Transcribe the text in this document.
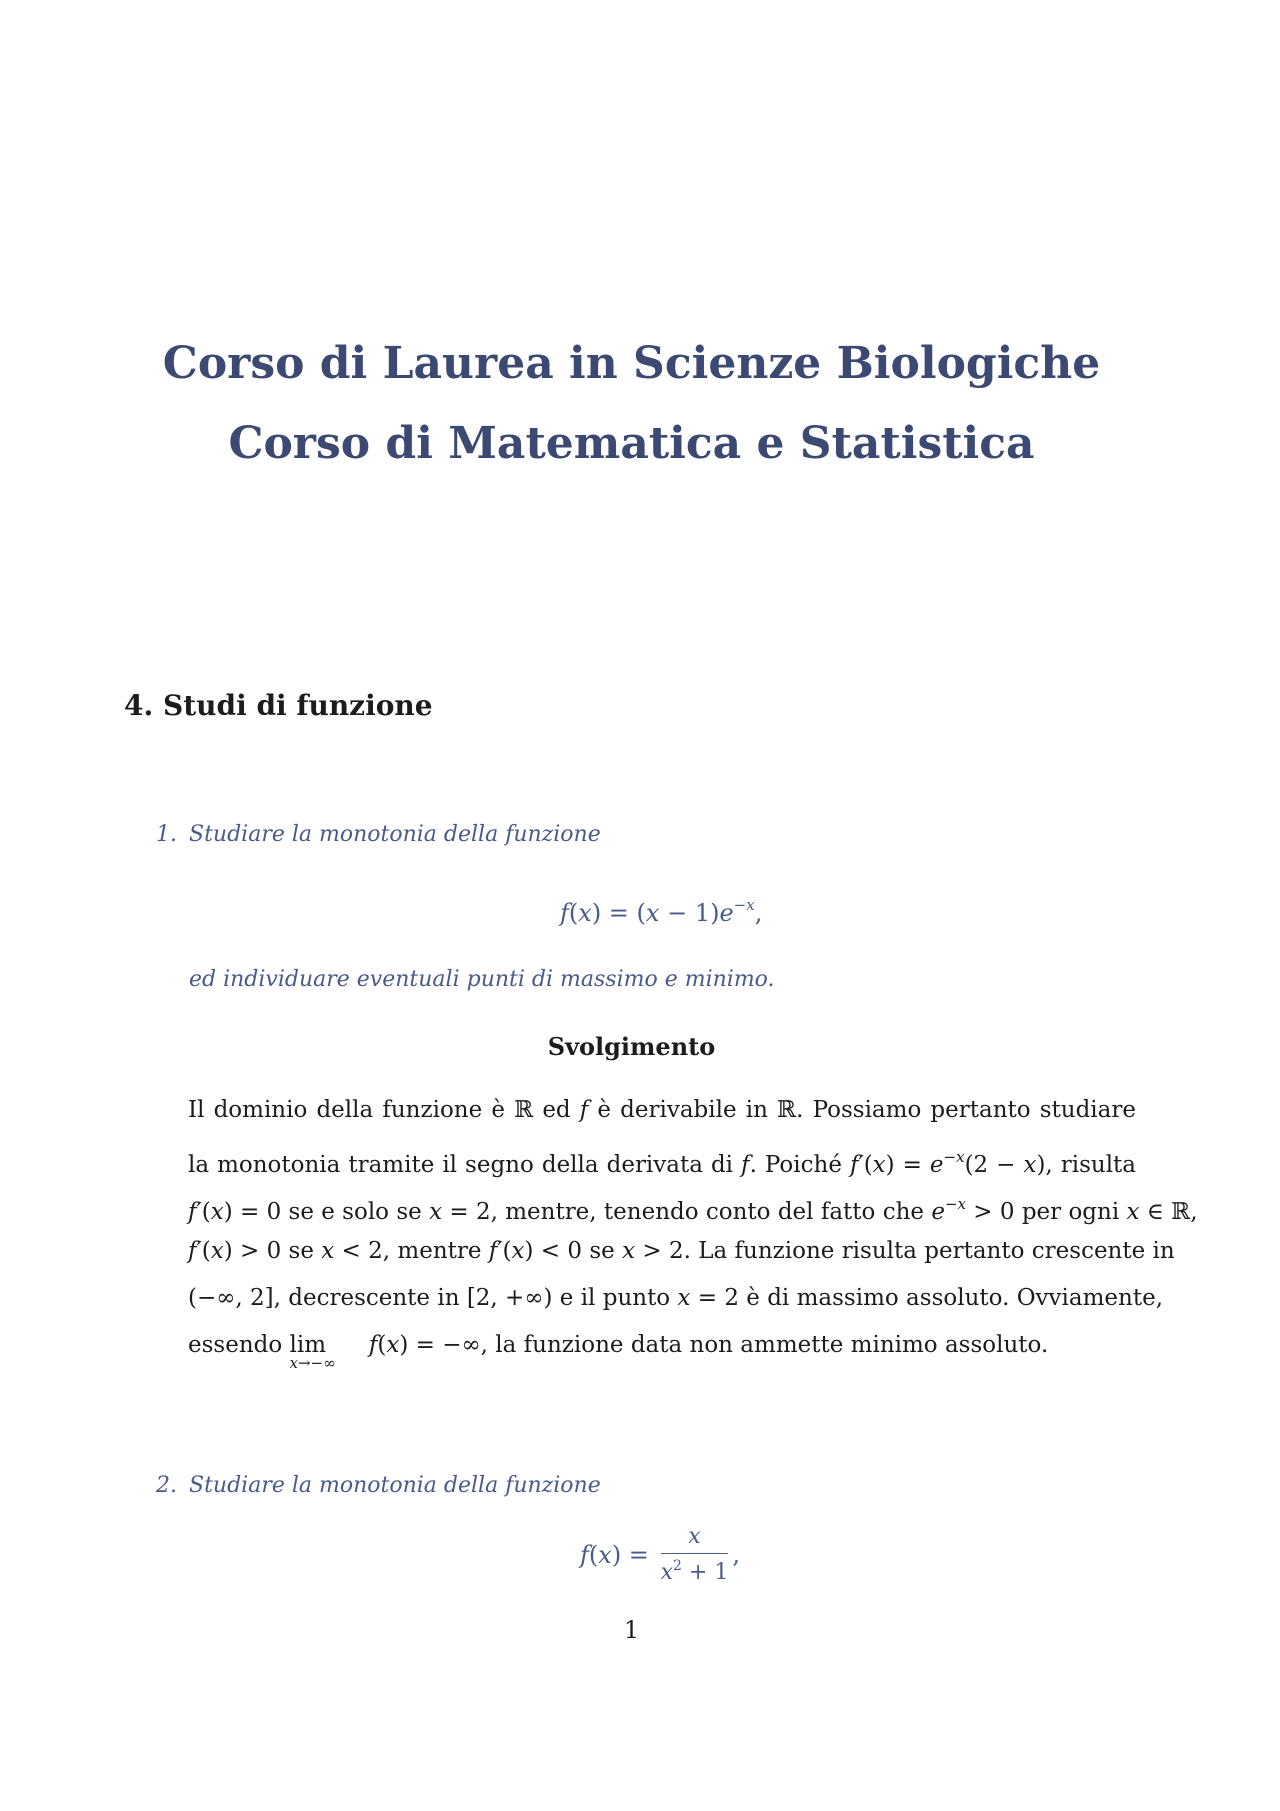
Corso di Laurea in Scienze Biologiche
Corso di Matematica e Statistica
4. Studi di funzione
1. Studiare la monotonia della funzione
$f(x) = (x - 1)e^{-x}$,
ed individuare eventuali punti di massimo e minimo.
Svolgimento
Il dominio della funzione è ℝ ed f è derivabile in ℝ. Possiamo pertanto studiare
la monotonia tramite il segno della derivata di f. Poiché $f'(x) = e^{-x}(2 - x)$, risulta
f′(x) = 0 se e solo se x = 2, mentre, tenendo conto del fatto che $e^{-x} > 0$ per ogni x ∈ ℝ,
f′(x) > 0 se x < 2, mentre f′(x) < 0 se x > 2. La funzione risulta pertanto crescente in
(−∞, 2], decrescente in [2, +∞) e il punto x = 2 è di massimo assoluto. Ovviamente,
essendo lim
x→−∞
f(x) = −∞, la funzione data non ammette minimo assoluto.
2. Studiare la monotonia della funzione
$f(x) = \frac{x}{x^2 + 1}$ ,
1
